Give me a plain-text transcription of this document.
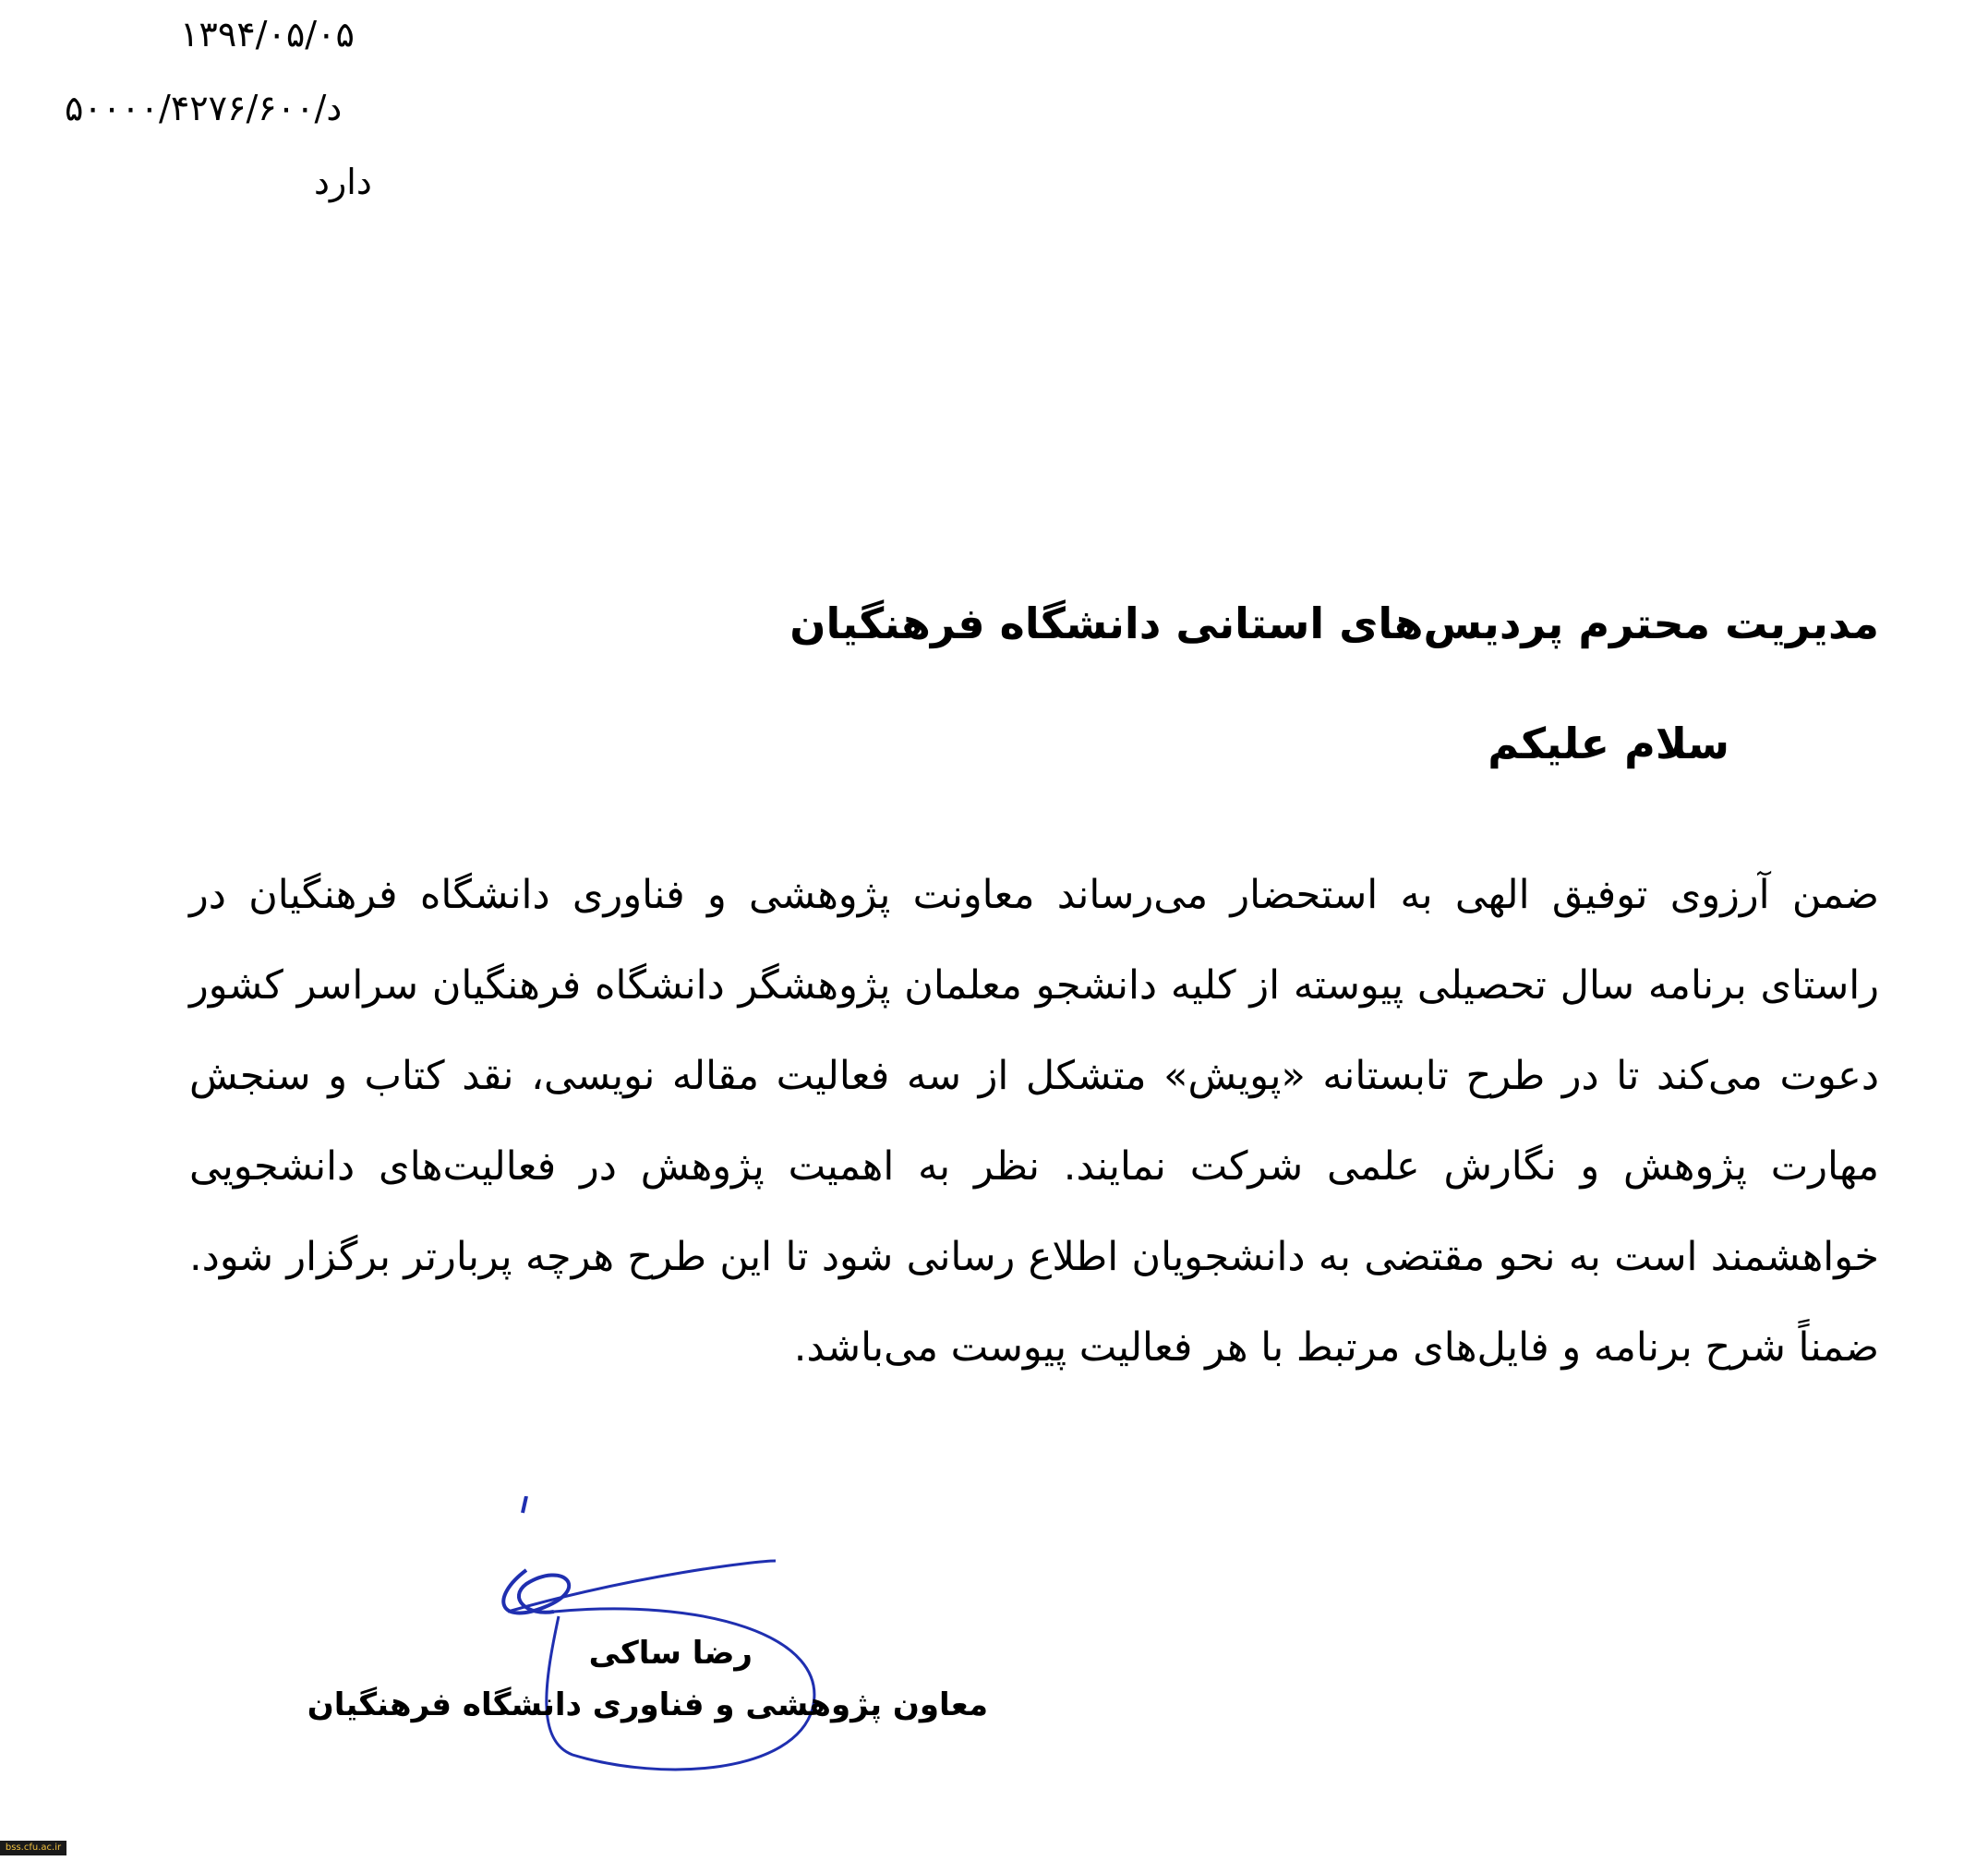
۱۳۹۴/۰۵/۰۵
د/۵۰۰۰۰/۴۲۷۶/۶۰۰
دارد
مدیریت محترم پردیس‌های استانی دانشگاه فرهنگیان
سلام علیکم

ضمن آرزوی توفیق الهی به استحضار می‌رساند معاونت پژوهشی و فناوری دانشگاه فرهنگیان در راستای برنامه سال تحصیلی پیوسته از کلیه دانشجو معلمان پژوهشگر دانشگاه فرهنگیان سراسر کشور دعوت می‌کند تا در طرح تابستانه «پویش» متشکل از سه فعالیت مقاله نویسی، نقد کتاب و سنجش مهارت پژوهش و نگارش علمی شرکت نمایند. نظر به اهمیت پژوهش در فعالیت‌های دانشجویی خواهشمند است به نحو مقتضی به دانشجویان اطلاع رسانی شود تا این طرح هرچه پربارتر برگزار شود. ضمناً شرح برنامه و فایل‌های مرتبط با هر فعالیت پیوست می‌باشد.

رضا ساکی
معاون پژوهشی و فناوری دانشگاه فرهنگیان
bss.cfu.ac.ir
